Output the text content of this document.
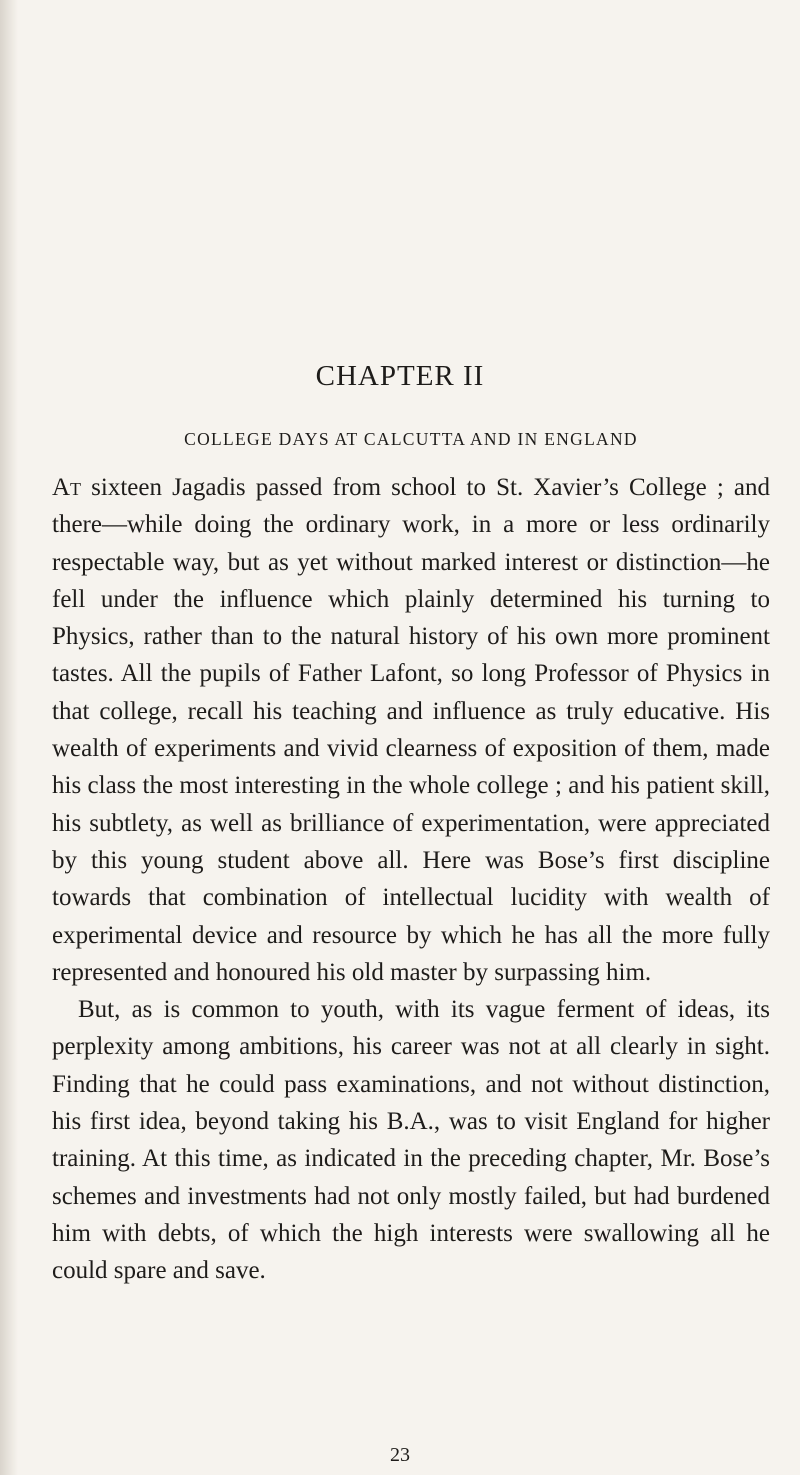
CHAPTER II
COLLEGE DAYS AT CALCUTTA AND IN ENGLAND

At sixteen Jagadis passed from school to St. Xavier’s College ; and there—while doing the ordinary work, in a more or less ordinarily respectable way, but as yet without marked interest or distinction—he fell under the influence which plainly determined his turning to Physics, rather than to the natural history of his own more prominent tastes. All the pupils of Father Lafont, so long Professor of Physics in that college, recall his teaching and influence as truly educative. His wealth of experiments and vivid clearness of exposition of them, made his class the most interesting in the whole college ; and his patient skill, his subtlety, as well as brilliance of experimentation, were appreciated by this young student above all. Here was Bose’s first discipline towards that combination of intellectual lucidity with wealth of experimental device and resource by which he has all the more fully represented and honoured his old master by surpassing him.

But, as is common to youth, with its vague ferment of ideas, its perplexity among ambitions, his career was not at all clearly in sight. Finding that he could pass examinations, and not without distinction, his first idea, beyond taking his B.A., was to visit England for higher training. At this time, as indicated in the preceding chapter, Mr. Bose’s schemes and investments had not only mostly failed, but had burdened him with debts, of which the high interests were swallowing all he could spare and save.

23
